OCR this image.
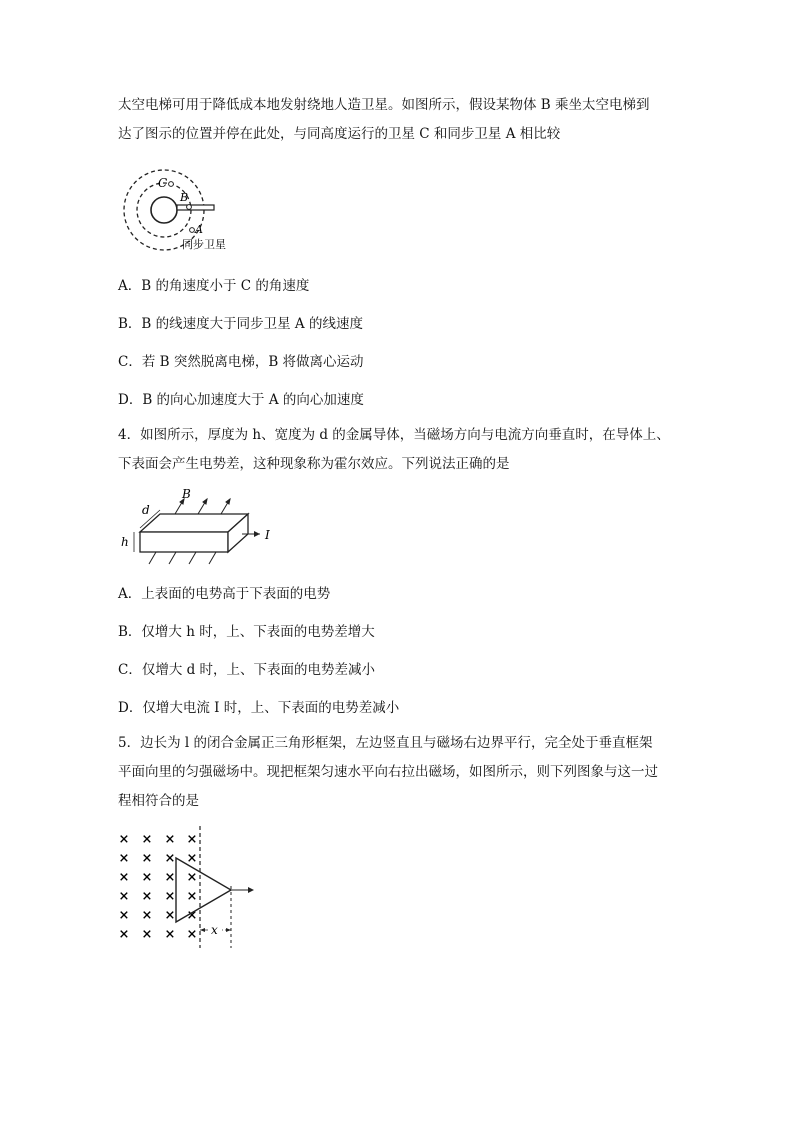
太空电梯可用于降低成本地发射绕地人造卫星。如图所示，假设某物体 B 乘坐太空电梯到

达了图示的位置并停在此处，与同高度运行的卫星 C 和同步卫星 A 相比较

C
B
A
同步卫星

A．B 的角速度小于 C 的角速度

B．B 的线速度大于同步卫星 A 的线速度

C．若 B 突然脱离电梯，B 将做离心运动

D．B 的向心加速度大于 A 的向心加速度

4．如图所示，厚度为 h、宽度为 d 的金属导体，当磁场方向与电流方向垂直时，在导体上、

下表面会产生电势差，这种现象称为霍尔效应。下列说法正确的是

d
B
h	I

A．上表面的电势高于下表面的电势

B．仅增大 h 时，上、下表面的电势差增大

C．仅增大 d 时，上、下表面的电势差减小

D．仅增大电流 I 时，上、下表面的电势差减小

5．边长为 l 的闭合金属正三角形框架，左边竖直且与磁场右边界平行，完全处于垂直框架

平面向里的匀强磁场中。现把框架匀速水平向右拉出磁场，如图所示，则下列图象与这一过

程相符合的是

× × × ×
× × × ×
× × × ×
× × × ×
× × × ×
× × × × x
